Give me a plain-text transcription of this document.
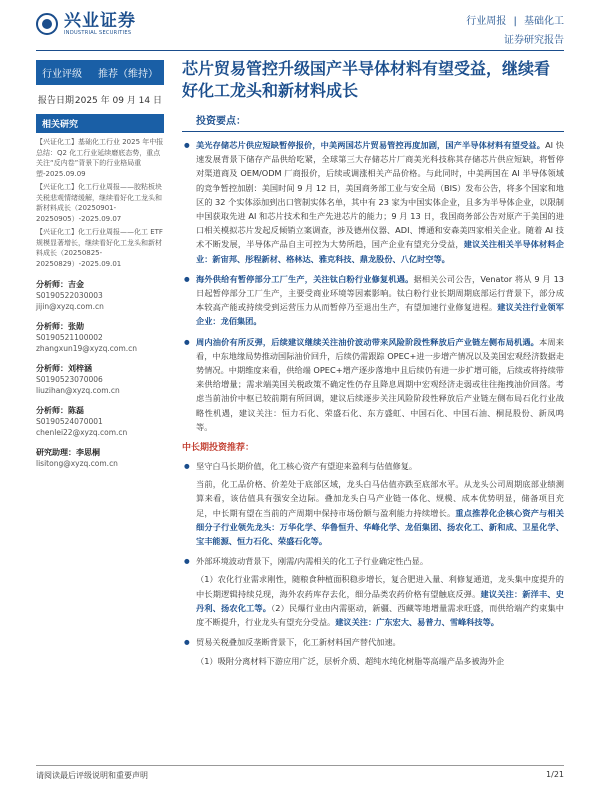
兴业证券
INDUSTRIAL SECURITIES
行业周报 | 基础化工
证券研究报告
行业评级 推荐（维持）
报告日期 2025 年 09 月 14 日
相关研究
【兴证化工】基础化工行业 2025 年中报总结：Q2 化工行业延续磨底态势，重点关注“反内卷”背景下的行业格局重塑-2025.09.09
【兴证化工】化工行业周报——胶粘板块关税悲观情绪缓解，继续看好化工龙头和新材料成长（20250901-20250905）-2025.09.07
【兴证化工】化工行业周报——化工 ETF 规模显著增长，继续看好化工龙头和新材料成长（20250825-20250829）-2025.09.01
分析师：吉金
S0190522030003
jijin@xyzq.com.cn
分析师：张勋
S0190521100002
zhangxun19@xyzq.com.cn
分析师：刘梓涵
S0190523070006
liuzihan@xyzq.com.cn
分析师：陈磊
S0190524070001
chenlei22@xyzq.com.cn
研究助理：李思桐
lisitong@xyzq.com.cn
芯片贸易管控升级国产半导体材料有望受益，继续看好化工龙头和新材料成长
投资要点：
● 美光存储芯片供应短缺暂停报价，中美两国芯片贸易管控再度加剧，国产半导体材料有望受益。AI 快速发展背景下储存产品供给吃紧，全球第三大存储芯片厂商美光科技称其存储芯片供应短缺，将暂停对渠道商及 OEM/ODM 厂商报价，后续或调涨相关产品价格。与此同时，中美两国在 AI 半导体领域的竞争暂控加剧：美国时间 9 月 12 日，美国商务部工业与安全局（BIS）发布公告，将多个国家和地区的 32 个实体添加到出口管制实体名单，其中有 23 家为中国实体企业，且多为半导体企业，以限制中国获取先进 AI 和芯片技术和生产先进芯片的能力；9 月 13 日，我国商务部公告对原产于美国的进口相关模拟芯片发起反倾销立案调查，涉及德州仪器、ADI、博通和安森美四家相关企业。随着 AI 技术不断发展，半导体产品自主可控为大势所趋，国产企业有望充分受益，建议关注相关半导体材料企业：新宙邦、彤程新材、格林达、雅克科技、鼎龙股份、八亿时空等。
● 海外供给有暂停部分工厂生产，关注钛白粉行业修复机遇。据相关公司公告，Venator 将从 9 月 13 日起暂停部分工厂生产，主要受商业环境等因素影响。钛白粉行业长期周期底部运行背景下，部分成本较高产能或持续受到运营压力从而暂停乃至退出生产，有望加速行业修复进程。建议关注行业领军企业：龙佰集团。
● 周内油价有所反弹，后续建议继续关注油价波动带来风险阶段性释放后产业链左侧布局机遇。本周来看，中东地缘局势推动国际油价回升，后续仍需跟踪 OPEC+进一步增产情况以及美国宏观经济数据走势情况。中期维度来看，供给端 OPEC+增产逐步落地中且后续仍有进一步扩增可能，后续或将持续带来供给增量；需求端美国关税政策不确定性仍存且降息周期中宏观经济走弱或往往拖拽油价回落。考虑当前油价中枢已较前期有所回调，建议后续逐步关注风险阶段性释放后产业链左侧布局石化行业战略性机遇，建议关注：恒力石化、荣盛石化、东方盛虹、中国石化、中国石油、桐昆股份、新凤鸣等。
中长期投资推荐：
● 坚守白马长期价值，化工核心资产有望迎来盈利与估值修复。
当前，化工品价格、价差处于底部区域，龙头白马估值亦跌至底部水平。从龙头公司周期底部业绩测算来看，该估值具有强安全边际。叠加龙头白马产业链一体化、规模、成本优势明显，储备项目充足，中长期有望在当前的产周期中保持市场份额与盈利能力持续增长。重点推荐化企核心资产与相关细分子行业领先龙头：万华化学、华鲁恒升、华峰化学、龙佰集团、扬农化工、新和成、卫星化学、宝丰能源、恒力石化、荣盛石化等。
● 外部环境波动背景下，刚需/内需相关的化工子行业确定性凸显。
（1）农化行业需求刚性，随粮食种植面积稳步增长，复合肥进入量、利修复通道，龙头集中度提升的中长期逻辑持续兑现，海外农药库存去化，细分品类农药价格有望触底反弹。建议关注：新洋丰、史丹利、扬农化工等。（2）民爆行业由内需驱动，新疆、西藏等地增量需求旺盛，而供给端产约束集中度不断提升，行业龙头有望充分受益。建议关注：广东宏大、易普力、雪峰科技等。
● 贸易关税叠加反垄断背景下，化工新材料国产替代加速。
（1）吸附分离材料下游应用广泛，层析介质、超纯水纯化树脂等高端产品多被海外企
请阅读最后评级说明和重要声明	1/21
